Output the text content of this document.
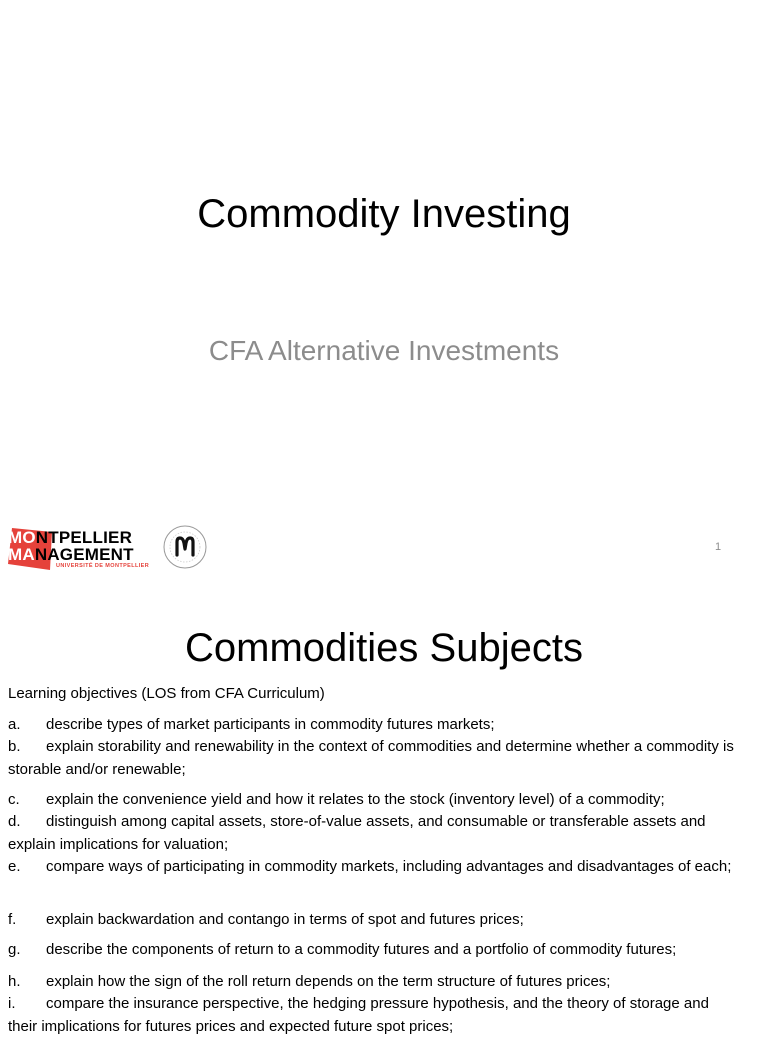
Commodity Investing
CFA Alternative Investments
MONTPELLIER
MANAGEMENT
UNIVERSITÉ DE MONTPELLIER
1
Commodities Subjects
Learning objectives (LOS from CFA Curriculum)
a. describe types of market participants in commodity futures markets;
b. explain storability and renewability in the context of commodities and determine whether a commodity is storable and/or renewable;
c. explain the convenience yield and how it relates to the stock (inventory level) of a commodity;
d. distinguish among capital assets, store-of-value assets, and consumable or transferable assets and explain implications for valuation;
e. compare ways of participating in commodity markets, including advantages and disadvantages of each;
f. explain backwardation and contango in terms of spot and futures prices;
g. describe the components of return to a commodity futures and a portfolio of commodity futures;
h. explain how the sign of the roll return depends on the term structure of futures prices;
i. compare the insurance perspective, the hedging pressure hypothesis, and the theory of storage and their implications for futures prices and expected future spot prices;
